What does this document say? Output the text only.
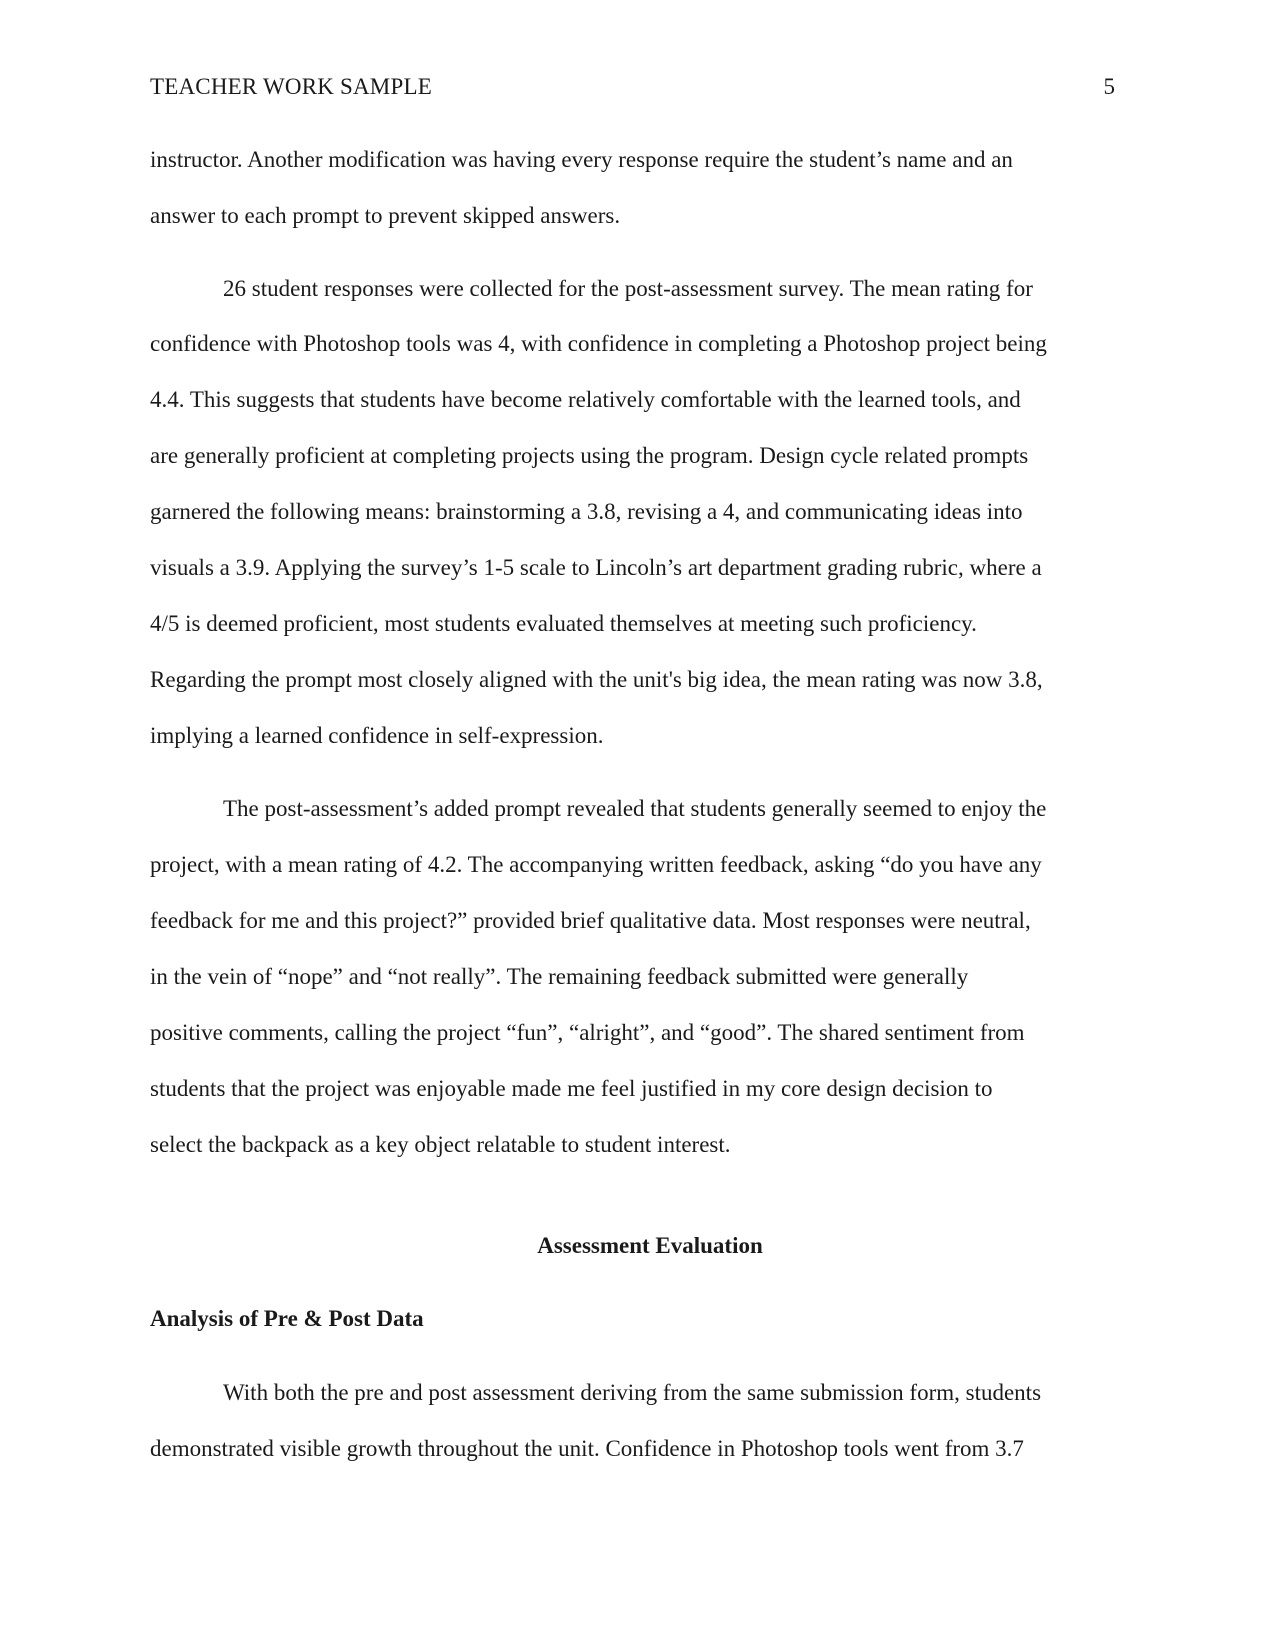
TEACHER WORK SAMPLE	5
instructor. Another modification was having every response require the student’s name and an
answer to each prompt to prevent skipped answers.
26 student responses were collected for the post-assessment survey. The mean rating for
confidence with Photoshop tools was 4, with confidence in completing a Photoshop project being
4.4. This suggests that students have become relatively comfortable with the learned tools, and
are generally proficient at completing projects using the program. Design cycle related prompts
garnered the following means: brainstorming a 3.8, revising a 4, and communicating ideas into
visuals a 3.9. Applying the survey’s 1-5 scale to Lincoln’s art department grading rubric, where a
4/5 is deemed proficient, most students evaluated themselves at meeting such proficiency.
Regarding the prompt most closely aligned with the unit's big idea, the mean rating was now 3.8,
implying a learned confidence in self-expression.
The post-assessment’s added prompt revealed that students generally seemed to enjoy the
project, with a mean rating of 4.2. The accompanying written feedback, asking “do you have any
feedback for me and this project?” provided brief qualitative data. Most responses were neutral,
in the vein of “nope” and “not really”. The remaining feedback submitted were generally
positive comments, calling the project “fun”, “alright”, and “good”. The shared sentiment from
students that the project was enjoyable made me feel justified in my core design decision to
select the backpack as a key object relatable to student interest.
Assessment Evaluation
Analysis of Pre & Post Data
With both the pre and post assessment deriving from the same submission form, students
demonstrated visible growth throughout the unit. Confidence in Photoshop tools went from 3.7
